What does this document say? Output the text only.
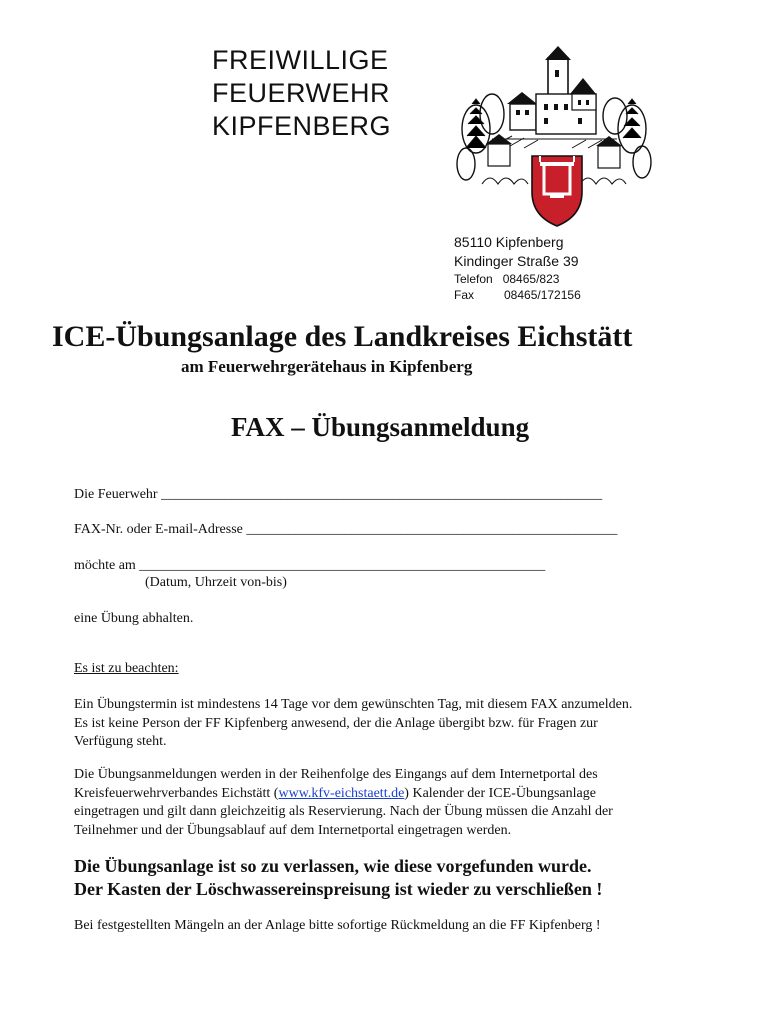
FREIWILLIGE
FEUERWEHR
KIPFENBERG
85110 Kipfenberg
Kindinger Straße 39
Telefon   08465/823
Fax         08465/172156
ICE-Übungsanlage des Landkreises Eichstätt
am Feuerwehrgerätehaus in Kipfenberg
FAX – Übungsanmeldung
Die Feuerwehr _______________________________________________________________
FAX-Nr. oder E-mail-Adresse _____________________________________________________
möchte am __________________________________________________________
(Datum, Uhrzeit von-bis)
eine Übung abhalten.
Es ist zu beachten:
Ein Übungstermin ist mindestens 14 Tage vor dem gewünschten Tag, mit diesem FAX anzumelden.
Es ist keine Person der FF Kipfenberg anwesend, der die Anlage übergibt bzw. für Fragen zur
Verfügung steht.
Die Übungsanmeldungen werden in der Reihenfolge des Eingangs auf dem Internetportal des
Kreisfeuerwehrverbandes Eichstätt (www.kfv-eichstaett.de) Kalender der ICE-Übungsanlage
eingetragen und gilt dann gleichzeitig als Reservierung. Nach der Übung müssen die Anzahl der
Teilnehmer und der Übungsablauf auf dem Internetportal eingetragen werden.
Die Übungsanlage ist so zu verlassen, wie diese vorgefunden wurde.
Der Kasten der Löschwassereinspreisung ist wieder zu verschließen !
Bei festgestellten Mängeln an der Anlage bitte sofortige Rückmeldung an die FF Kipfenberg !
